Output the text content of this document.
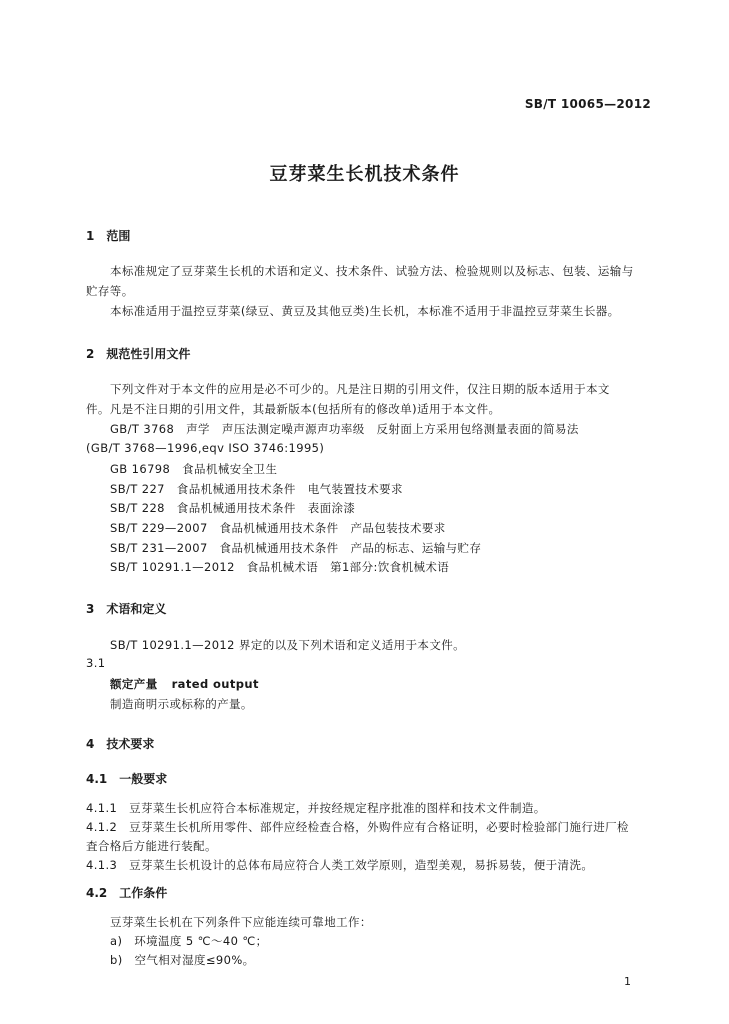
SB/T 10065—2012
豆芽菜生长机技术条件
1　范围
本标准规定了豆芽菜生长机的术语和定义、技术条件、试验方法、检验规则以及标志、包装、运输与
贮存等。
本标准适用于温控豆芽菜(绿豆、黄豆及其他豆类)生长机，本标准不适用于非温控豆芽菜生长器。
2　规范性引用文件
下列文件对于本文件的应用是必不可少的。凡是注日期的引用文件，仅注日期的版本适用于本文
件。凡是不注日期的引用文件，其最新版本(包括所有的修改单)适用于本文件。
GB/T 3768　声学　声压法测定噪声源声功率级　反射面上方采用包络测量表面的简易法
(GB/T 3768—1996,eqv ISO 3746:1995)
GB 16798　食品机械安全卫生
SB/T 227　食品机械通用技术条件　电气装置技术要求
SB/T 228　食品机械通用技术条件　表面涂漆
SB/T 229—2007　食品机械通用技术条件　产品包装技术要求
SB/T 231—2007　食品机械通用技术条件　产品的标志、运输与贮存
SB/T 10291.1—2012　食品机械术语　第1部分:饮食机械术语
3　术语和定义
SB/T 10291.1—2012 界定的以及下列术语和定义适用于本文件。
3.1
额定产量 rated output
制造商明示或标称的产量。
4　技术要求
4.1　一般要求
4.1.1　豆芽菜生长机应符合本标准规定，并按经规定程序批准的图样和技术文件制造。
4.1.2　豆芽菜生长机所用零件、部件应经检查合格，外购件应有合格证明，必要时检验部门施行进厂检
査合格后方能进行装配。
4.1.3　豆芽菜生长机设计的总体布局应符合人类工效学原则，造型美观，易拆易装，便于清洗。
4.2　工作条件
豆芽菜生长机在下列条件下应能连续可靠地工作：
a)　环境温度 5 ℃～40 ℃；
b)　空气相对湿度≤90%。
1
